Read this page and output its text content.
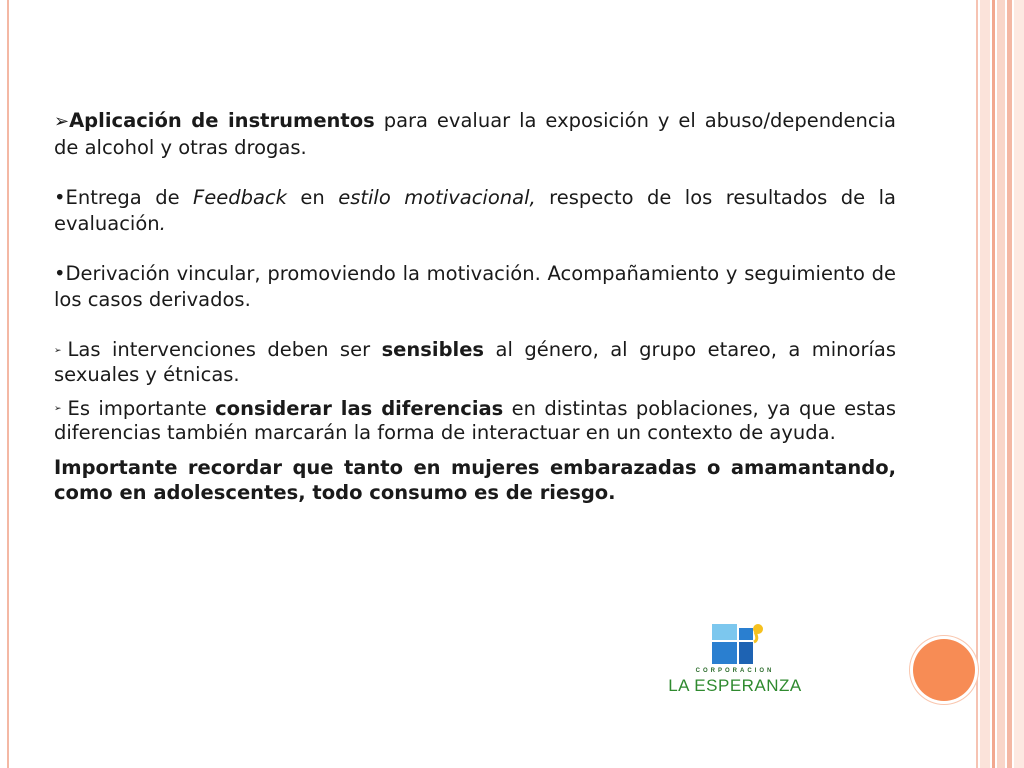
➢Aplicación de instrumentos para evaluar la exposición y el abuso/dependencia de alcohol y otras drogas.

•Entrega de Feedback en estilo motivacional, respecto de los resultados de la evaluación.

•Derivación vincular, promoviendo la motivación. Acompañamiento y seguimiento de los casos derivados.

➢ Las intervenciones deben ser sensibles al género, al grupo etareo, a minorías sexuales y étnicas.

➢ Es importante considerar las diferencias en distintas poblaciones, ya que estas diferencias también marcarán la forma de interactuar en un contexto de ayuda.

Importante recordar que tanto en mujeres embarazadas o amamantando, como en adolescentes, todo consumo es de riesgo.

CORPORACION
LA ESPERANZA
